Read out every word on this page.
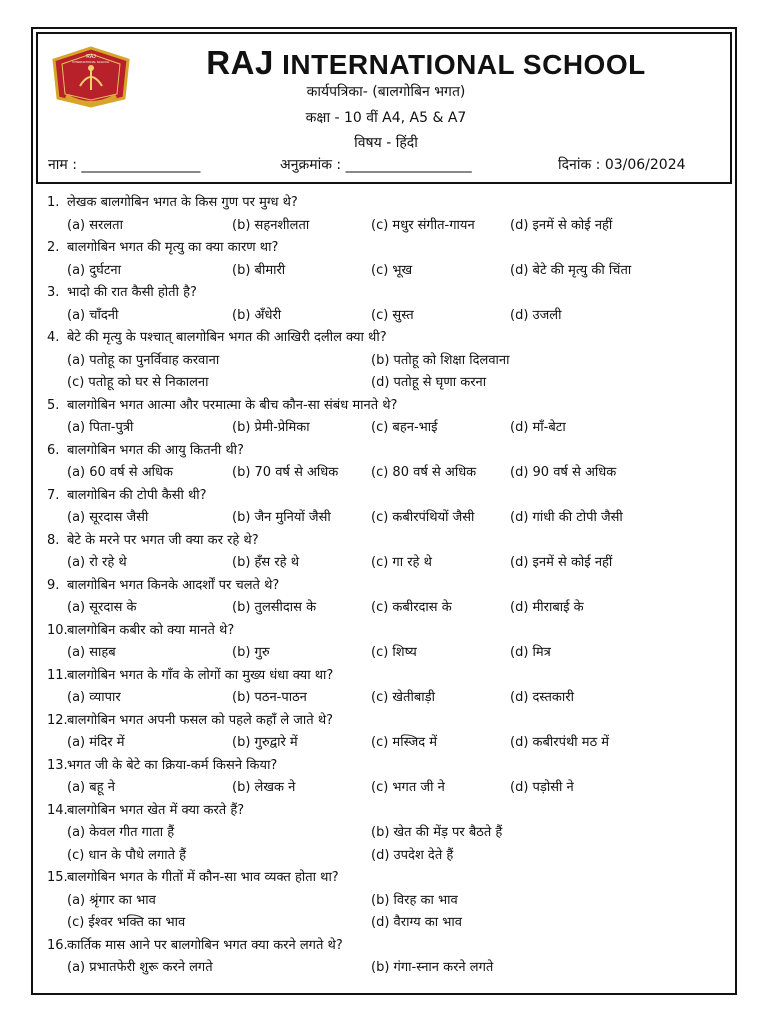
RAJ
INTERNATIONAL SCHOOL	RAJ INTERNATIONAL SCHOOL
कार्यपत्रिका- (बालगोबिन भगत)
कक्षा - 10 वीं A4, A5 & A7
विषय - हिंदी
नाम : _________________	अनुक्रमांक : __________________	दिनांक : 03/06/2024
1. लेखक बालगोबिन भगत के किस गुण पर मुग्ध थे?
(a) सरलता	(b) सहनशीलता	(c) मधुर संगीत-गायन	(d) इनमें से कोई नहीं
2. बालगोबिन भगत की मृत्यु का क्या कारण था?
(a) दुर्घटना	(b) बीमारी	(c) भूख	(d) बेटे की मृत्यु की चिंता
3. भादो की रात कैसी होती है?
(a) चाँदनी	(b) अँधेरी	(c) सुस्त	(d) उजली
4. बेटे की मृत्यु के पश्चात् बालगोबिन भगत की आखिरी दलील क्या थी?
(a) पतोहू का पुनर्विवाह करवाना	(b) पतोहू को शिक्षा दिलवाना
(c) पतोहू को घर से निकालना	(d) पतोहू से घृणा करना
5. बालगोबिन भगत आत्मा और परमात्मा के बीच कौन-सा संबंध मानते थे?
(a) पिता-पुत्री	(b) प्रेमी-प्रेमिका	(c) बहन-भाई	(d) माँ-बेटा
6. बालगोबिन भगत की आयु कितनी थी?
(a) 60 वर्ष से अधिक	(b) 70 वर्ष से अधिक	(c) 80 वर्ष से अधिक	(d) 90 वर्ष से अधिक
7. बालगोबिन की टोपी कैसी थी?
(a) सूरदास जैसी	(b) जैन मुनियों जैसी	(c) कबीरपंथियों जैसी	(d) गांधी की टोपी जैसी
8. बेटे के मरने पर भगत जी क्या कर रहे थे?
(a) रो रहे थे	(b) हँस रहे थे	(c) गा रहे थे	(d) इनमें से कोई नहीं
9. बालगोबिन भगत किनके आदर्शों पर चलते थे?
(a) सूरदास के	(b) तुलसीदास के	(c) कबीरदास के	(d) मीराबाई के
10.बालगोबिन कबीर को क्या मानते थे?
(a) साहब	(b) गुरु	(c) शिष्य	(d) मित्र
11.बालगोबिन भगत के गाँव के लोगों का मुख्य धंधा क्या था?
(a) व्यापार	(b) पठन-पाठन	(c) खेतीबाड़ी	(d) दस्तकारी
12.बालगोबिन भगत अपनी फसल को पहले कहाँ ले जाते थे?
(a) मंदिर में	(b) गुरुद्वारे में	(c) मस्जिद में	(d) कबीरपंथी मठ में
13.भगत जी के बेटे का क्रिया-कर्म किसने किया?
(a) बहू ने	(b) लेखक ने	(c) भगत जी ने	(d) पड़ोसी ने
14.बालगोबिन भगत खेत में क्या करते हैं?
(a) केवल गीत गाता हैं	(b) खेत की मेंड़ पर बैठते हैं
(c) धान के पौधे लगाते हैं	(d) उपदेश देते हैं
15.बालगोबिन भगत के गीतों में कौन-सा भाव व्यक्त होता था?
(a) श्रृंगार का भाव	(b) विरह का भाव
(c) ईश्वर भक्ति का भाव	(d) वैराग्य का भाव
16.कार्तिक मास आने पर बालगोबिन भगत क्या करने लगते थे?
(a) प्रभातफेरी शुरू करने लगते	(b) गंगा-स्नान करने लगते
